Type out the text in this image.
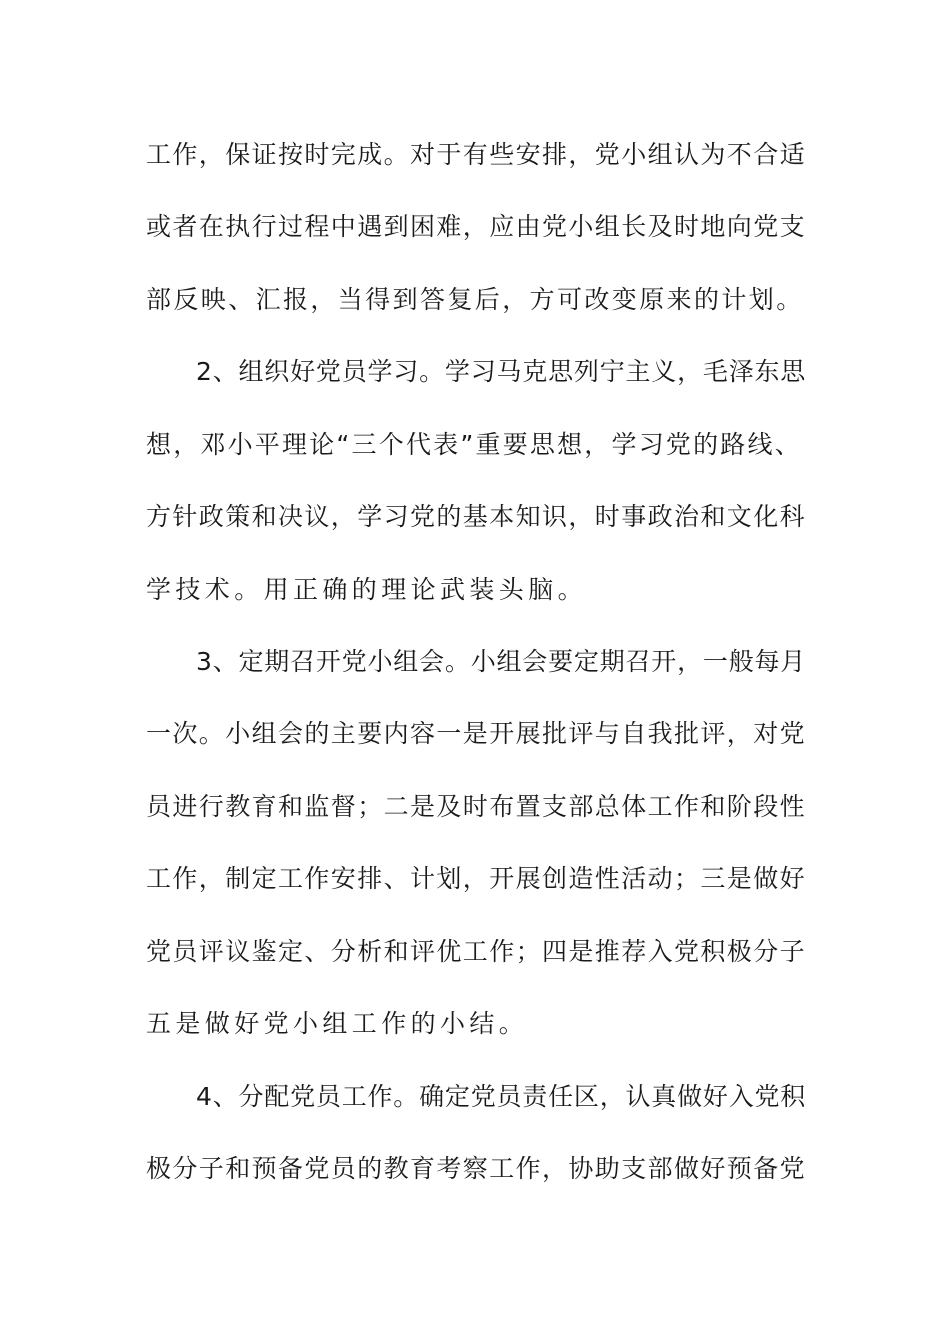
工作，保证按时完成。对于有些安排，党小组认为不合适
或者在执行过程中遇到困难，应由党小组长及时地向党支
部反映、汇报，当得到答复后，方可改变原来的计划。
2、组织好党员学习。学习马克思列宁主义，毛泽东思
想，邓小平理论“三个代表”重要思想，学习党的路线、
方针政策和决议，学习党的基本知识，时事政治和文化科
学技术。用正确的理论武装头脑。
3、定期召开党小组会。小组会要定期召开，一般每月
一次。小组会的主要内容一是开展批评与自我批评，对党
员进行教育和监督；二是及时布置支部总体工作和阶段性
工作，制定工作安排、计划，开展创造性活动；三是做好
党员评议鉴定、分析和评优工作；四是推荐入党积极分子
五是做好党小组工作的小结。
4、分配党员工作。确定党员责任区，认真做好入党积
极分子和预备党员的教育考察工作，协助支部做好预备党
